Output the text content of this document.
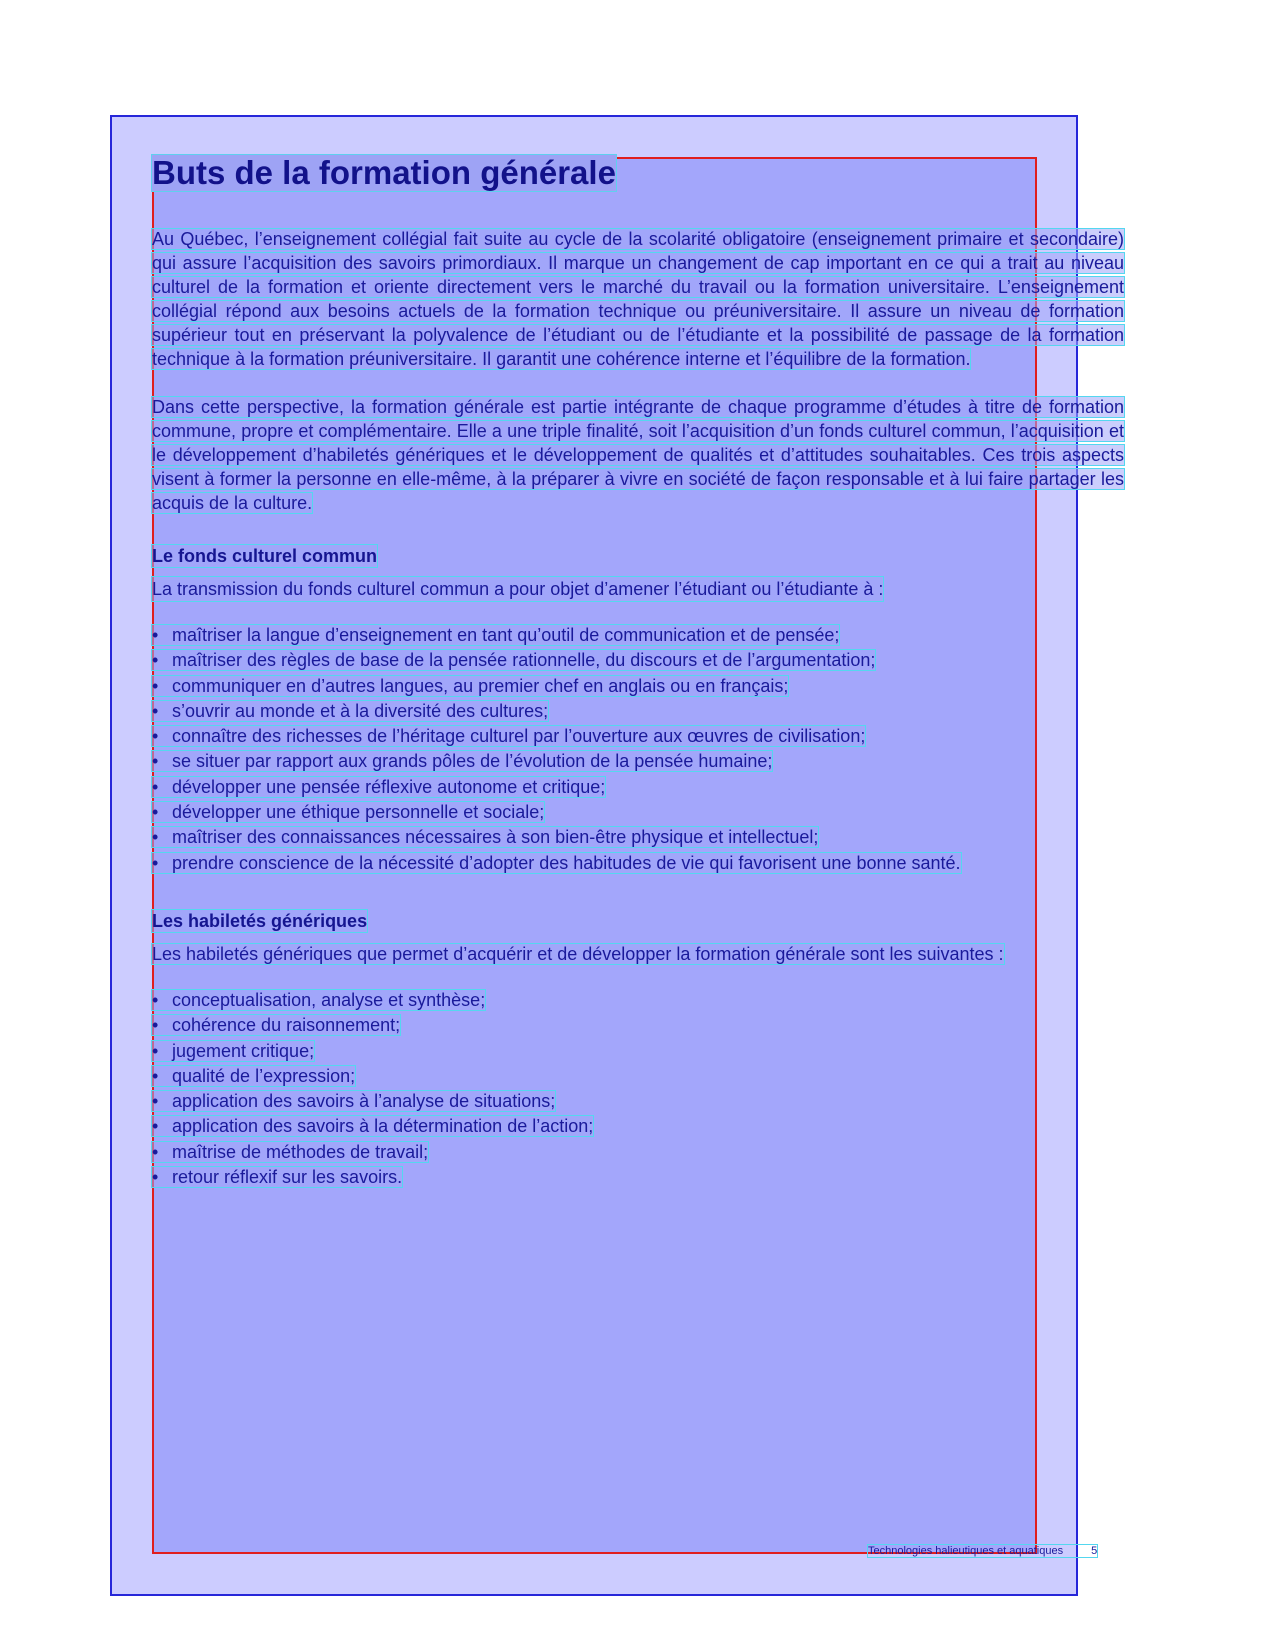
Buts de la formation générale

Au Québec, l’enseignement collégial fait suite au cycle de la scolarité obligatoire (enseignement primaire et secondaire) qui assure l’acquisition des savoirs primordiaux. Il marque un changement de cap important en ce qui a trait au niveau culturel de la formation et oriente directement vers le marché du travail ou la formation universitaire. L’enseignement collégial répond aux besoins actuels de la formation technique ou préuniversitaire. Il assure un niveau de formation supérieur tout en préservant la polyvalence de l’étudiant ou de l’étudiante et la possibilité de passage de la formation technique à la formation préuniversitaire. Il garantit une cohérence interne et l’équilibre de la formation.

Dans cette perspective, la formation générale est partie intégrante de chaque programme d’études à titre de formation commune, propre et complémentaire. Elle a une triple finalité, soit l’acquisition d’un fonds culturel commun, l’acquisition et le développement d’habiletés génériques et le développement de qualités et d’attitudes souhaitables. Ces trois aspects visent à former la personne en elle-même, à la préparer à vivre en société de façon responsable et à lui faire partager les acquis de la culture.

Le fonds culturel commun
La transmission du fonds culturel commun a pour objet d’amener l’étudiant ou l’étudiante à :
• maîtriser la langue d’enseignement en tant qu’outil de communication et de pensée;
• maîtriser des règles de base de la pensée rationnelle, du discours et de l’argumentation;
• communiquer en d’autres langues, au premier chef en anglais ou en français;
• s’ouvrir au monde et à la diversité des cultures;
• connaître des richesses de l’héritage culturel par l’ouverture aux œuvres de civilisation;
• se situer par rapport aux grands pôles de l’évolution de la pensée humaine;
• développer une pensée réflexive autonome et critique;
• développer une éthique personnelle et sociale;
• maîtriser des connaissances nécessaires à son bien-être physique et intellectuel;
• prendre conscience de la nécessité d’adopter des habitudes de vie qui favorisent une bonne santé.
Les habiletés génériques

Les habiletés génériques que permet d’acquérir et de développer la formation générale sont les suivantes :

• conceptualisation, analyse et synthèse;
• cohérence du raisonnement;
• jugement critique;
• qualité de l’expression;
• application des savoirs à l’analyse de situations;
• application des savoirs à la détermination de l’action;
• maîtrise de méthodes de travail;
• retour réflexif sur les savoirs.
Technologies halieutiques et aquatiques	5
